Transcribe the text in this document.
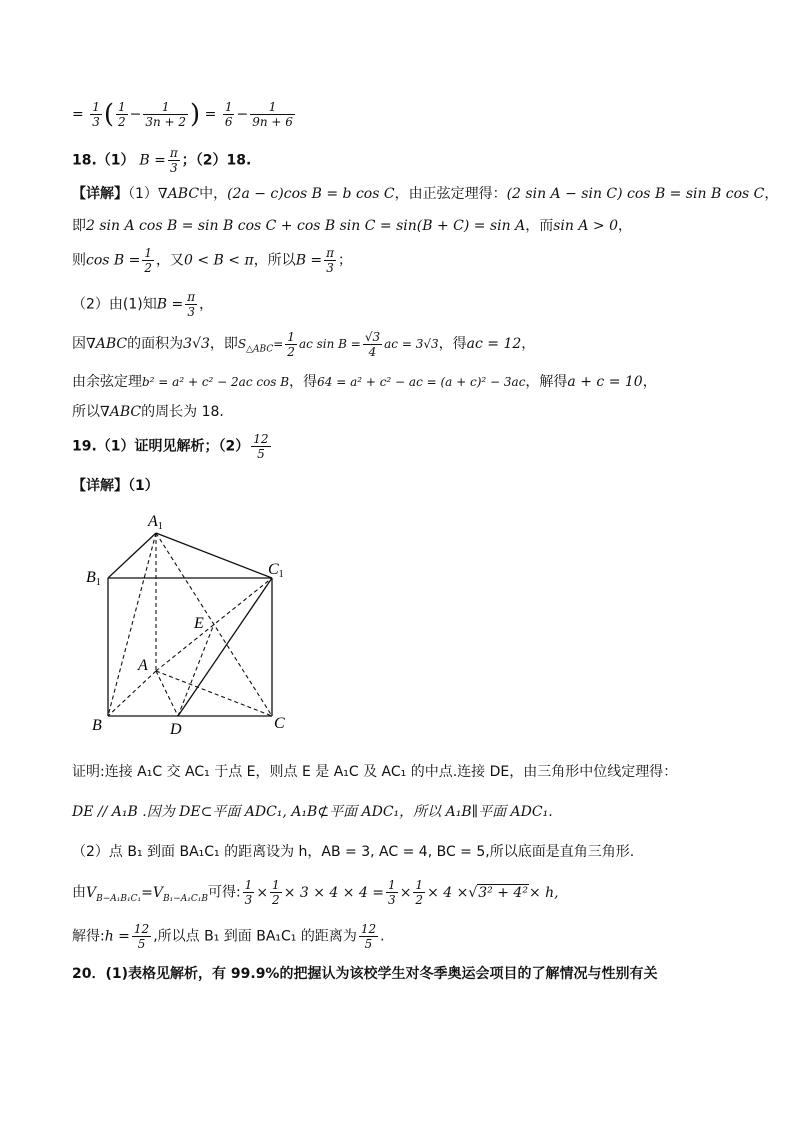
= $\frac{1}{3}$ ( $\frac{1}{2} - \frac{1}{3n + 2}$ ) = $\frac{1}{6} - \frac{1}{9n + 6}$
18.（1） $B = \frac{\pi}{3}$ ；（2）18.
【详解】（1）∇ABC中，(2a − c)cos B = b cos C，由正弦定理得：(2 sin A − sin C) cos B = sin B cos C，
即2 sin A cos B = sin B cos C + cos B sin C = sin(B + C) = sin A，而sin A > 0，
则$\cos B = \frac{1}{2}$ ，又0 < B < π，所以$B = \frac{\pi}{3}$ ；
（2）由(1)知$B = \frac{\pi}{3}$ ，
因∇ABC的面积为3√3，即$S_{\triangle ABC}= \frac{1}{2}$ ac $\sin B = \frac{√3}{4}$ ac = 3√3，得ac = 12，
由余弦定理b² = a² + c² − 2ac cos B，得64 = a² + c² − ac = (a + c)² − 3ac，解得a + c = 10，
所以∇ABC的周长为 18.
19.（1）证明见解析；$(2) \frac{12}{5}$
【详解】（1）
A1
B1
C1
E
A
B	D	C
证明:连接 A₁C 交 AC₁ 于点 E，则点 E 是 A₁C 及 AC₁ 的中点.连接 DE，由三角形中位线定理得：
DE // A₁B .因为 DE⊂平面 ADC₁, A₁B⊄平面 ADC₁，所以 A₁B∥平面 ADC₁.
（2）点 B₁ 到面 BA₁C₁ 的距离设为 h，AB = 3, AC = 4, BC = 5,所以底面是直角三角形.
由$V_{B-A_1B_1C_1}=V_{B_1-A_1C_1B}$可得: $\frac{1}{3} \times \frac{1}{2} \times 3 \times 4 \times 4 = \frac{1}{3} \times \frac{1}{2} \times 4 \times√3^2 + 4^2\times h$,
解得:h = $\frac{12}{5}$ ,所以点 B₁ 到面 BA₁C₁ 的距离为 $\frac{12}{5}$ .
20．(1)表格见解析，有 99.9%的把握认为该校学生对冬季奥运会项目的了解情况与性别有关
